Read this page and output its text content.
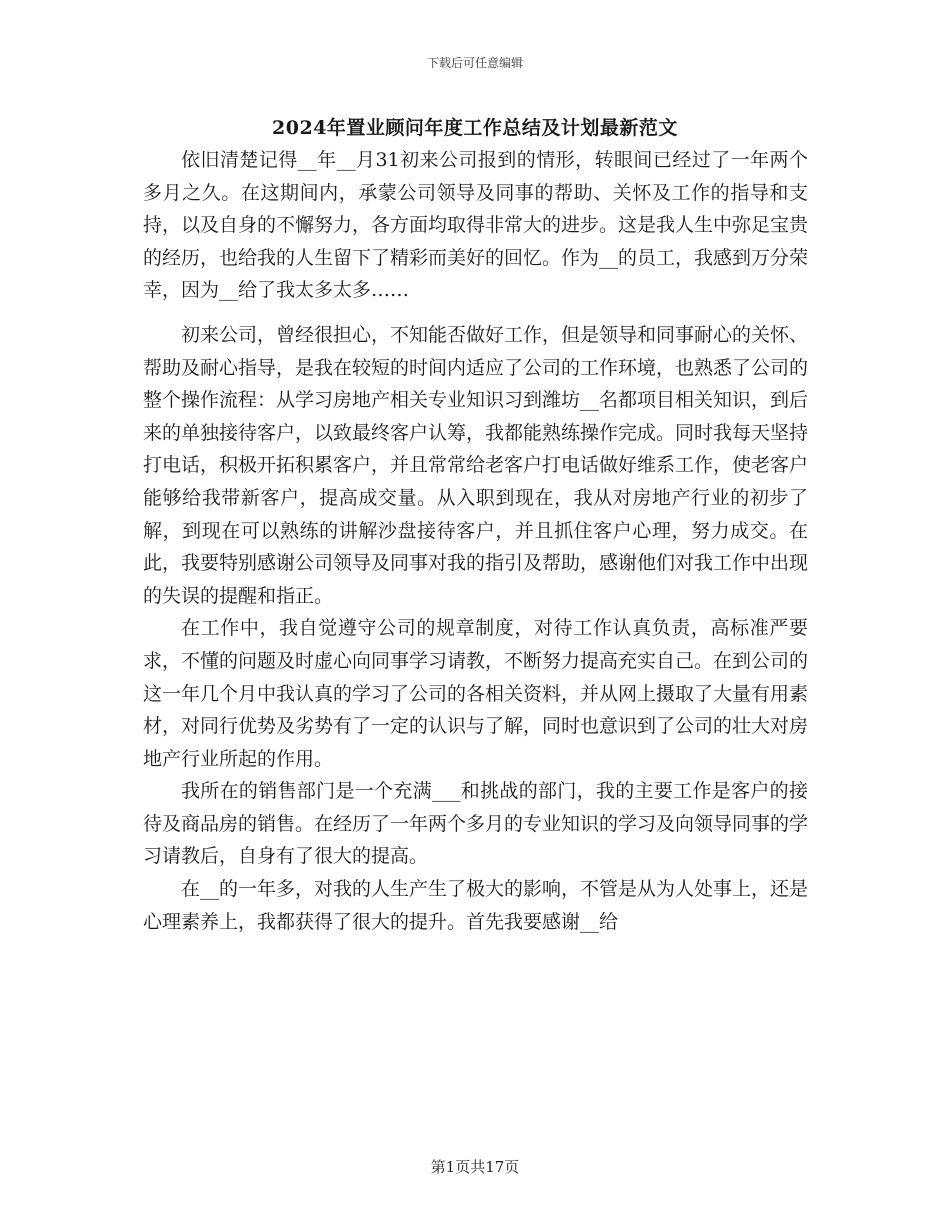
下载后可任意编辑
2024年置业顾问年度工作总结及计划最新范文

依旧清楚记得__年__月31初来公司报到的情形，转眼间已经过了一年两个多月之久。在这期间内，承蒙公司领导及同事的帮助、关怀及工作的指导和支持，以及自身的不懈努力，各方面均取得非常大的进步。这是我人生中弥足宝贵的经历，也给我的人生留下了精彩而美好的回忆。作为__的员工，我感到万分荣幸，因为__给了我太多太多……

初来公司，曾经很担心，不知能否做好工作，但是领导和同事耐心的关怀、帮助及耐心指导，是我在较短的时间内适应了公司的工作环境，也熟悉了公司的整个操作流程：从学习房地产相关专业知识习到潍坊__名都项目相关知识，到后来的单独接待客户，以致最终客户认筹，我都能熟练操作完成。同时我每天坚持打电话，积极开拓积累客户，并且常常给老客户打电话做好维系工作，使老客户能够给我带新客户，提高成交量。从入职到现在，我从对房地产行业的初步了解，到现在可以熟练的讲解沙盘接待客户，并且抓住客户心理，努力成交。在此，我要特别感谢公司领导及同事对我的指引及帮助，感谢他们对我工作中出现的失误的提醒和指正。

在工作中，我自觉遵守公司的规章制度，对待工作认真负责，高标准严要求，不懂的问题及时虚心向同事学习请教，不断努力提高充实自己。在到公司的这一年几个月中我认真的学习了公司的各相关资料，并从网上摄取了大量有用素材，对同行优势及劣势有了一定的认识与了解，同时也意识到了公司的壮大对房地产行业所起的作用。

我所在的销售部门是一个充满___和挑战的部门，我的主要工作是客户的接待及商品房的销售。在经历了一年两个多月的专业知识的学习及向领导同事的学习请教后，自身有了很大的提高。

在__的一年多，对我的人生产生了极大的影响，不管是从为人处事上，还是心理素养上，我都获得了很大的提升。首先我要感谢__给

第1页共17页
